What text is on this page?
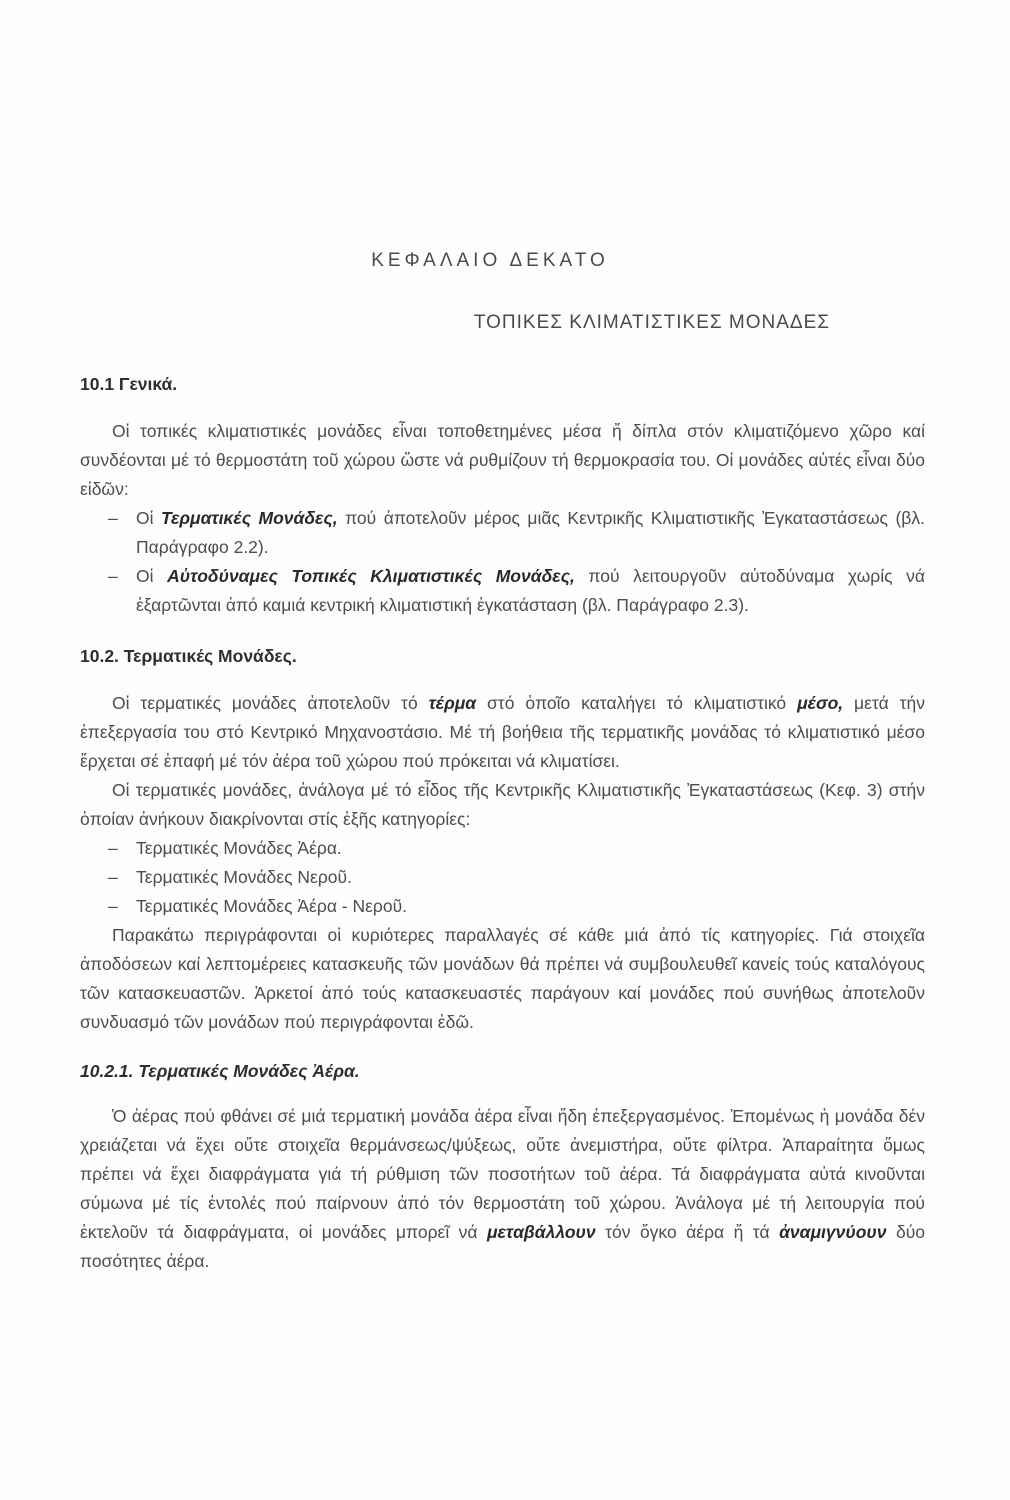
ΚΕΦΑΛΑΙΟ ΔΕΚΑΤΟ
ΤΟΠΙΚΕΣ ΚΛΙΜΑΤΙΣΤΙΚΕΣ ΜΟΝΑΔΕΣ
10.1 Γενικά.

Οἱ τοπικές κλιματιστικές μονάδες εἶναι τοποθετημένες μέσα ἤ δίπλα στόν κλιματιζόμενο χῶρο καί συνδέονται μέ τό θερμοστάτη τοῦ χώρου ὥστε νά ρυθμίζουν τή θερμοκρασία του. Οἱ μονάδες αὐτές εἶναι δύο εἰδῶν:

– Οἱ Τερματικές Μονάδες, πού ἀποτελοῦν μέρος μιᾶς Κεντρικῆς Κλιματιστικῆς Ἐγκαταστάσεως (βλ. Παράγραφο 2.2).

– Οἱ Αὐτοδύναμες Τοπικές Κλιματιστικές Μονάδες, πού λειτουργοῦν αὐτοδύναμα χωρίς νά ἐξαρτῶνται ἀπό καμιά κεντρική κλιματιστική ἐγκατάσταση (βλ. Παράγραφο 2.3).

10.2. Τερματικές Μονάδες.

Οἱ τερματικές μονάδες ἀποτελοῦν τό τέρμα στό ὁποῖο καταλήγει τό κλιματιστικό μέσο, μετά τήν ἐπεξεργασία του στό Κεντρικό Μηχανοστάσιο. Μέ τή βοήθεια τῆς τερματικῆς μονάδας τό κλιματιστικό μέσο ἔρχεται σέ ἐπαφή μέ τόν ἀέρα τοῦ χώρου πού πρόκειται νά κλιματίσει.

Οἱ τερματικές μονάδες, ἀνάλογα μέ τό εἶδος τῆς Κεντρικῆς Κλιματιστικῆς Ἐγκαταστάσεως (Κεφ. 3) στήν ὁποίαν ἀνήκουν διακρίνονται στίς ἑξῆς κατηγορίες:

– Τερματικές Μονάδες Ἀέρα.

– Τερματικές Μονάδες Νεροῦ.

– Τερματικές Μονάδες Ἀέρα - Νεροῦ.

Παρακάτω περιγράφονται οἱ κυριότερες παραλλαγές σέ κάθε μιά ἀπό τίς κατηγορίες. Γιά στοιχεῖα ἀποδόσεων καί λεπτομέρειες κατασκευῆς τῶν μονάδων θά πρέπει νά συμβουλευθεῖ κανείς τούς καταλόγους τῶν κατασκευαστῶν. Ἀρκετοί ἀπό τούς κατασκευαστές παράγουν καί μονάδες πού συνήθως ἀποτελοῦν συνδυασμό τῶν μονάδων πού περιγράφονται ἐδῶ.

10.2.1. Τερματικές Μονάδες Ἀέρα.

Ὁ ἀέρας πού φθάνει σέ μιά τερματική μονάδα ἀέρα εἶναι ἤδη ἐπεξεργασμένος. Ἐπομένως ἡ μονάδα δέν χρειάζεται νά ἔχει οὔτε στοιχεῖα θερμάνσεως/ψύξεως, οὔτε ἀνεμιστήρα, οὔτε φίλτρα. Ἀπαραίτητα ὅμως πρέπει νά ἔχει διαφράγματα γιά τή ρύθμιση τῶν ποσοτήτων τοῦ ἀέρα. Τά διαφράγματα αὐτά κινοῦνται σύμωνα μέ τίς ἐντολές πού παίρνουν ἀπό τόν θερμοστάτη τοῦ χώρου. Ἀνάλογα μέ τή λειτουργία πού ἐκτελοῦν τά διαφράγματα, οἱ μονάδες μπορεῖ νά μεταβάλλουν τόν ὄγκο ἀέρα ἤ τά ἀναμιγνύουν δύο ποσότητες ἀέρα.
